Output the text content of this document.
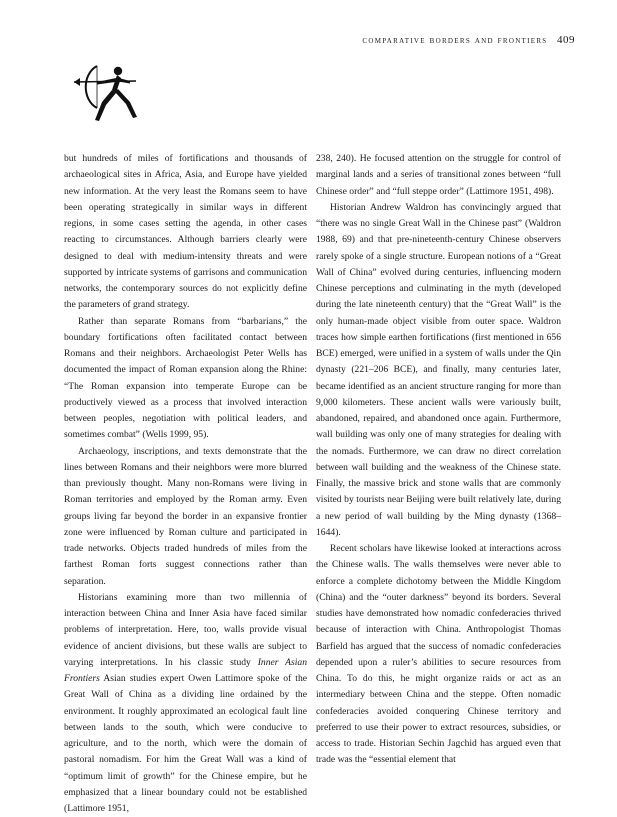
comparative borders and frontiers 409

but hundreds of miles of fortifications and thousands of archaeological sites in Africa, Asia, and Europe have yielded new information. At the very least the Romans seem to have been operating strategically in similar ways in different regions, in some cases setting the agenda, in other cases reacting to circumstances. Although barriers clearly were designed to deal with medium-intensity threats and were supported by intricate systems of garrisons and communication networks, the contemporary sources do not explicitly define the parameters of grand strategy.

Rather than separate Romans from “barbarians,” the boundary fortifications often facilitated contact between Romans and their neighbors. Archaeologist Peter Wells has documented the impact of Roman expansion along the Rhine: “The Roman expansion into temperate Europe can be productively viewed as a process that involved interaction between peoples, negotiation with political leaders, and sometimes combat” (Wells 1999, 95).

Archaeology, inscriptions, and texts demonstrate that the lines between Romans and their neighbors were more blurred than previously thought. Many non-Romans were living in Roman territories and employed by the Roman army. Even groups living far beyond the border in an expansive frontier zone were influenced by Roman culture and participated in trade networks. Objects traded hundreds of miles from the farthest Roman forts suggest connections rather than separation.

Historians examining more than two millennia of interaction between China and Inner Asia have faced similar problems of interpretation. Here, too, walls provide visual evidence of ancient divisions, but these walls are subject to varying interpretations. In his classic study Inner Asian Frontiers Asian studies expert Owen Lattimore spoke of the Great Wall of China as a dividing line ordained by the environment. It roughly approximated an ecological fault line between lands to the south, which were conducive to agriculture, and to the north, which were the domain of pastoral nomadism. For him the Great Wall was a kind of “optimum limit of growth” for the Chinese empire, but he emphasized that a linear boundary could not be established (Lattimore 1951,

238, 240). He focused attention on the struggle for control of marginal lands and a series of transitional zones between “full Chinese order” and “full steppe order” (Lattimore 1951, 498).

Historian Andrew Waldron has convincingly argued that “there was no single Great Wall in the Chinese past” (Waldron 1988, 69) and that pre-nineteenth-century Chinese observers rarely spoke of a single structure. European notions of a “Great Wall of China” evolved during centuries, influencing modern Chinese perceptions and culminating in the myth (developed during the late nineteenth century) that the “Great Wall” is the only human-made object visible from outer space. Waldron traces how simple earthen fortifications (first mentioned in 656 BCE) emerged, were unified in a system of walls under the Qin dynasty (221–206 BCE), and finally, many centuries later, became identified as an ancient structure ranging for more than 9,000 kilometers. These ancient walls were variously built, abandoned, repaired, and abandoned once again. Furthermore, wall building was only one of many strategies for dealing with the nomads. Furthermore, we can draw no direct correlation between wall building and the weakness of the Chinese state. Finally, the massive brick and stone walls that are commonly visited by tourists near Beijing were built relatively late, during a new period of wall building by the Ming dynasty (1368–1644).

Recent scholars have likewise looked at interactions across the Chinese walls. The walls themselves were never able to enforce a complete dichotomy between the Middle Kingdom (China) and the “outer darkness” beyond its borders. Several studies have demonstrated how nomadic confederacies thrived because of interaction with China. Anthropologist Thomas Barfield has argued that the success of nomadic confederacies depended upon a ruler’s abilities to secure resources from China. To do this, he might organize raids or act as an intermediary between China and the steppe. Often nomadic confederacies avoided conquering Chinese territory and preferred to use their power to extract resources, subsidies, or access to trade. Historian Sechin Jagchid has argued even that trade was the “essential element that
